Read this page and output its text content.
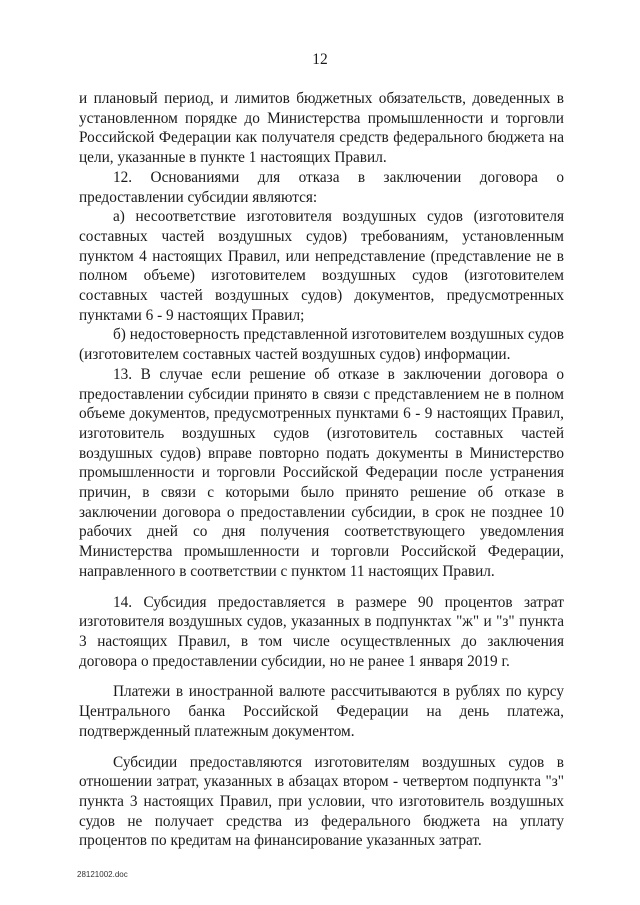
12

и плановый период, и лимитов бюджетных обязательств, доведенных в установленном порядке до Министерства промышленности и торговли Российской Федерации как получателя средств федерального бюджета на цели, указанные в пункте 1 настоящих Правил.

12. Основаниями для отказа в заключении договора о предоставлении субсидии являются:

а) несоответствие изготовителя воздушных судов (изготовителя составных частей воздушных судов) требованиям, установленным пунктом 4 настоящих Правил, или непредставление (представление не в полном объеме) изготовителем воздушных судов (изготовителем составных частей воздушных судов) документов, предусмотренных пунктами 6 - 9 настоящих Правил;

б) недостоверность представленной изготовителем воздушных судов (изготовителем составных частей воздушных судов) информации.

13. В случае если решение об отказе в заключении договора о предоставлении субсидии принято в связи с представлением не в полном объеме документов, предусмотренных пунктами 6 - 9 настоящих Правил, изготовитель воздушных судов (изготовитель составных частей воздушных судов) вправе повторно подать документы в Министерство промышленности и торговли Российской Федерации после устранения причин, в связи с которыми было принято решение об отказе в заключении договора о предоставлении субсидии, в срок не позднее 10 рабочих дней со дня получения соответствующего уведомления Министерства промышленности и торговли Российской Федерации, направленного в соответствии с пунктом 11 настоящих Правил.

14. Субсидия предоставляется в размере 90 процентов затрат изготовителя воздушных судов, указанных в подпунктах "ж" и "з" пункта 3 настоящих Правил, в том числе осуществленных до заключения договора о предоставлении субсидии, но не ранее 1 января 2019 г.

Платежи в иностранной валюте рассчитываются в рублях по курсу Центрального банка Российской Федерации на день платежа, подтвержденный платежным документом.

Субсидии предоставляются изготовителям воздушных судов в отношении затрат, указанных в абзацах втором - четвертом подпункта "з" пункта 3 настоящих Правил, при условии, что изготовитель воздушных судов не получает средства из федерального бюджета на уплату процентов по кредитам на финансирование указанных затрат.

28121002.doc
